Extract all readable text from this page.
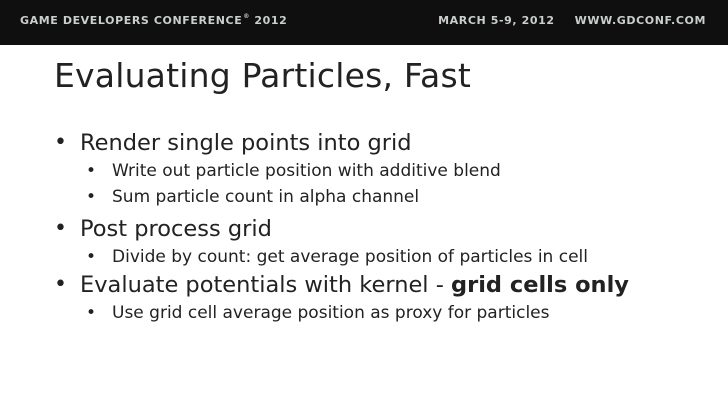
GAME DEVELOPERS CONFERENCE® 2012	MARCH 5-9, 2012 WWW.GDCONF.COM
Evaluating Particles, Fast
• Render single points into grid
• Write out particle position with additive blend
• Sum particle count in alpha channel
• Post process grid
• Divide by count: get average position of particles in cell
• Evaluate potentials with kernel - grid cells only
• Use grid cell average position as proxy for particles
